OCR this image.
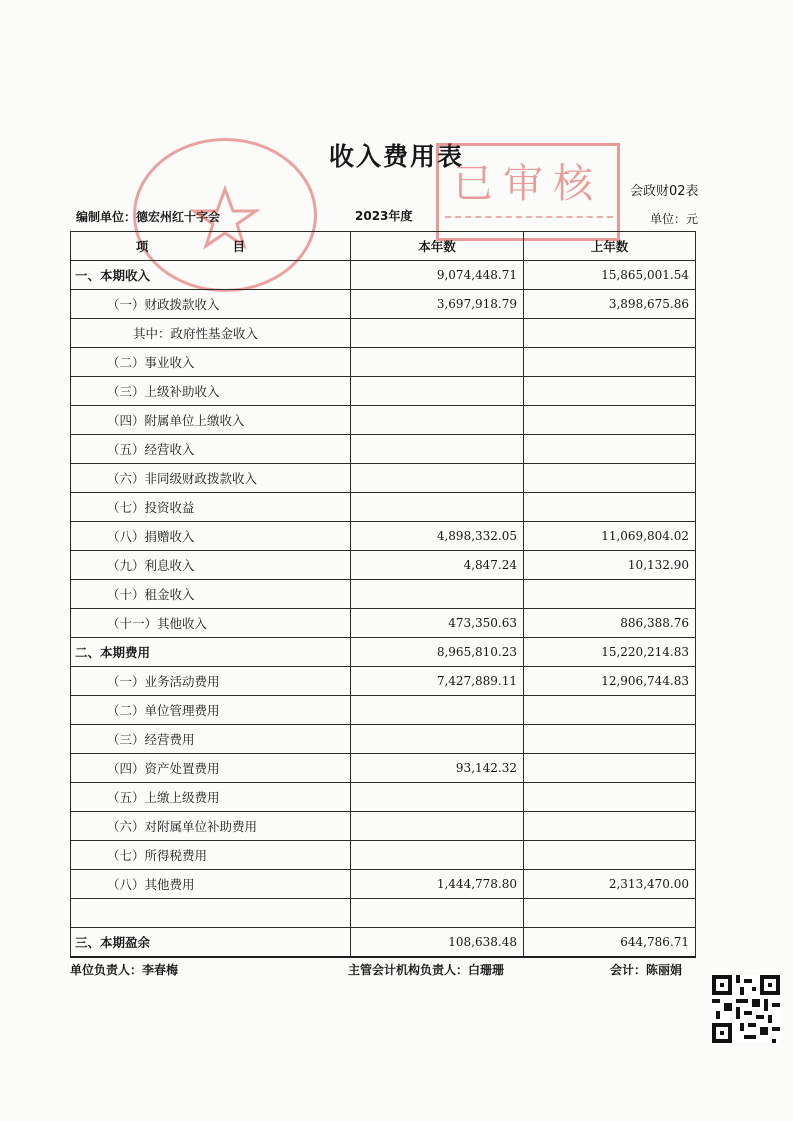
收入费用表
会政财02表
编制单位：德宏州红十字会	2023年度	单位：元
已审核
项 目	本年数	上年数
一、本期收入	9,074,448.71	15,865,001.54
（一）财政拨款收入	3,697,918.79	3,898,675.86
其中：政府性基金收入		
（二）事业收入		
（三）上级补助收入		
（四）附属单位上缴收入		
（五）经营收入		
（六）非同级财政拨款收入		
（七）投资收益		
（八）捐赠收入	4,898,332.05	11,069,804.02
（九）利息收入	4,847.24	10,132.90
（十）租金收入		
（十一）其他收入	473,350.63	886,388.76
二、本期费用	8,965,810.23	15,220,214.83
（一）业务活动费用	7,427,889.11	12,906,744.83
（二）单位管理费用		
（三）经营费用		
（四）资产处置费用	93,142.32	
（五）上缴上级费用		
（六）对附属单位补助费用		
（七）所得税费用		
（八）其他费用	1,444,778.80	2,313,470.00

三、本期盈余	108,638.48	644,786.71
单位负责人：李春梅	主管会计机构负责人：白珊珊	会计：陈丽娟
